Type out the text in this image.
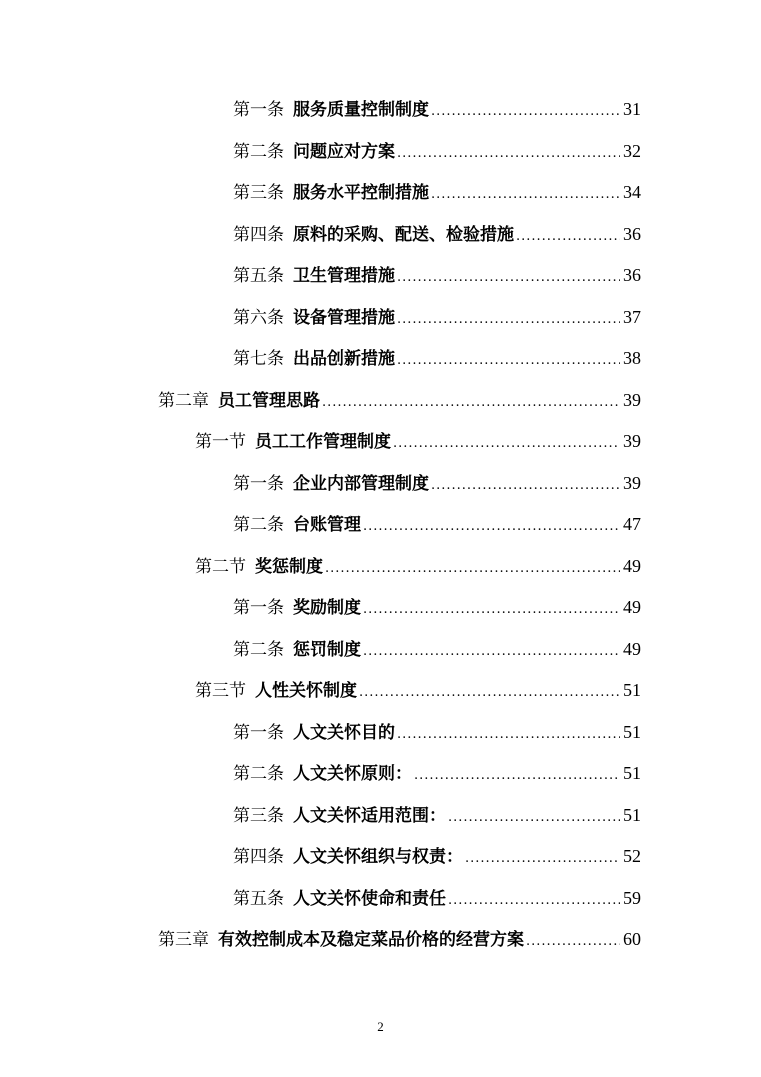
第一条 服务质量控制制度 .....	31
第二条 问题应对方案 .....	32
第三条 服务水平控制措施 .....	34
第四条 原料的采购、配送、检验措施 .....	36
第五条 卫生管理措施 .....	36
第六条 设备管理措施 .....	37
第七条 出品创新措施 .....	38
第二章 员工管理思路 .....	39
第一节 员工工作管理制度 .....	39
第一条 企业内部管理制度 .....	39
第二条 台账管理 .....	47
第二节 奖惩制度 .....	49
第一条 奖励制度 .....	49
第二条 惩罚制度 .....	49
第三节 人性关怀制度 .....	51
第一条 人文关怀目的 .....	51
第二条 人文关怀原则： .....	51
第三条 人文关怀适用范围： .....	51
第四条 人文关怀组织与权责： .....	52
第五条 人文关怀使命和责任 .....	59
第三章 有效控制成本及稳定菜品价格的经营方案 .....	60
2
